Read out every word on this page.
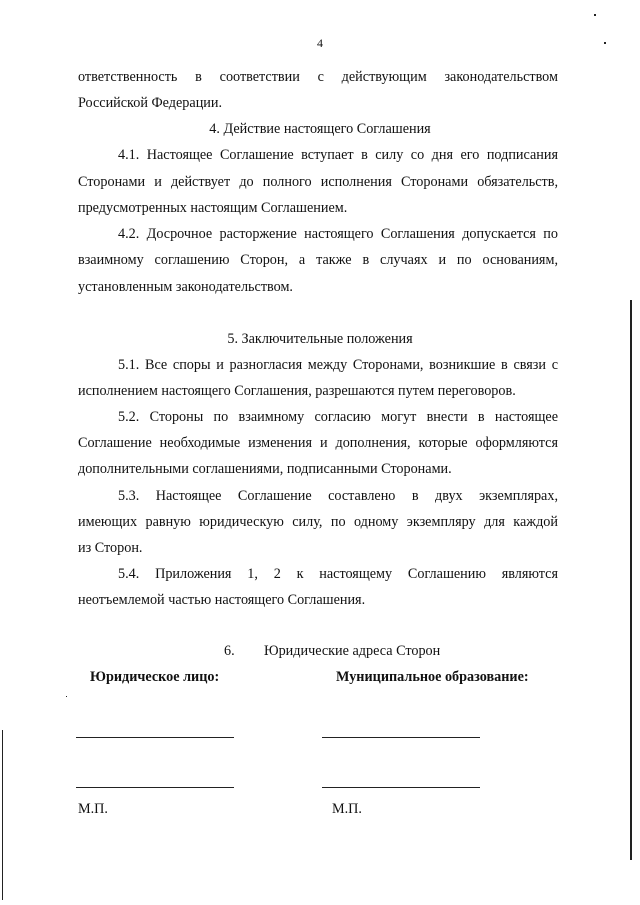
4
ответственность в соответствии с действующим законодательством
Российской Федерации.
4. Действие настоящего Соглашения
4.1. Настоящее Соглашение вступает в силу со дня его подписания
Сторонами и действует до полного исполнения Сторонами обязательств,
предусмотренных настоящим Соглашением.
4.2. Досрочное расторжение настоящего Соглашения допускается по
взаимному соглашению Сторон, а также в случаях и по основаниям,
установленным законодательством.
5. Заключительные положения
5.1. Все споры и разногласия между Сторонами, возникшие в связи с
исполнением настоящего Соглашения, разрешаются путем переговоров.
5.2. Стороны по взаимному согласию могут внести в настоящее
Соглашение необходимые изменения и дополнения, которые оформляются
дополнительными соглашениями, подписанными Сторонами.
5.3. Настоящее Соглашение составлено в двух экземплярах,
имеющих равную юридическую силу, по одному экземпляру для каждой
из Сторон.
5.4. Приложения 1, 2 к настоящему Соглашению являются
неотъемлемой частью настоящего Соглашения.
6. Юридические адреса Сторон
Юридическое лицо:	Муниципальное образование:
М.П.	М.П.
